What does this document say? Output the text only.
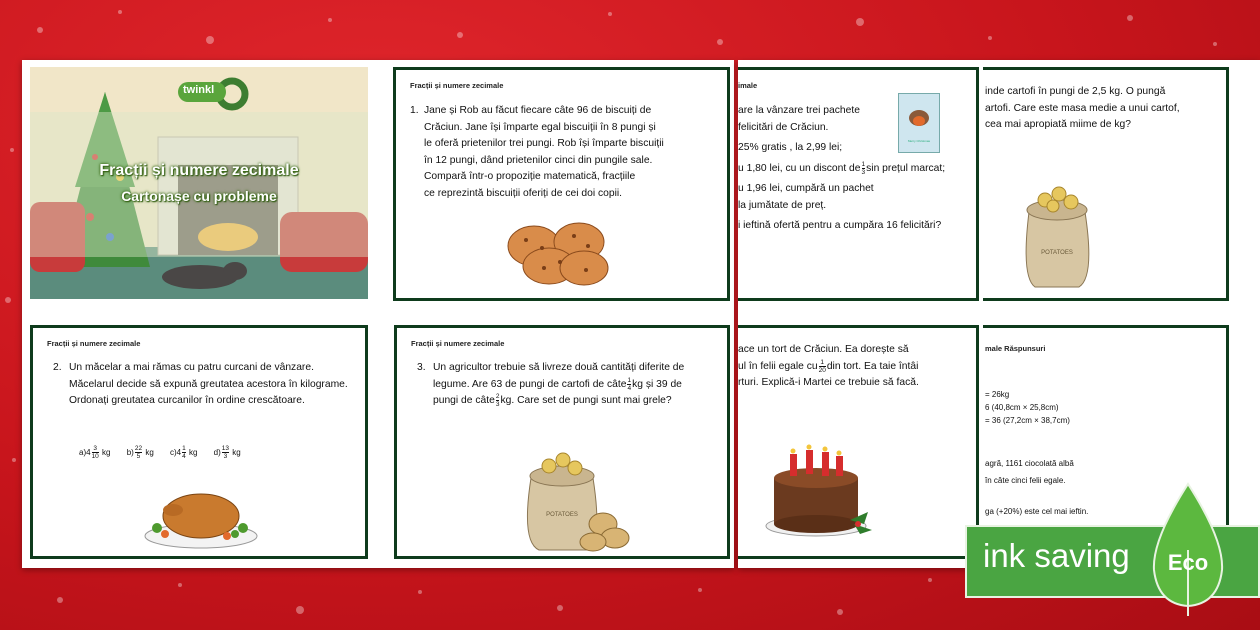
twinkl
Fracții și numere zecimale
Cartonașe cu probleme
Fracții și numere zecimale
1. Jane și Rob au făcut fiecare câte 96 de biscuiți de

Crăciun. Jane își împarte egal biscuiții în 8 pungi și

le oferă prietenilor trei pungi. Rob își împarte biscuiții

în 12 pungi, dând prietenilor cinci din pungile sale.

Compară într-o propoziție matematică, fracțiile

ce reprezintă biscuiții oferiți de cei doi copii.

imale

are la vânzare trei pachete

felicitări de Crăciun.

25% gratis , la 2,99 lei;

u 1,80 lei, cu un discont de $\frac{1}{3}$ sin prețul marcat;

u 1,96 lei, cumpără un pachet

la jumătate de preț.

i ieftină ofertă pentru a cumpăra 16 felicitări?

Merry Christmas

inde cartofi în pungi de 2,5 kg. O pungă

artofi. Care este masa medie a unui cartof,

cea mai apropiată miime de kg?

POTATOES
Fracții și numere zecimale
2. Un măcelar a mai rămas cu patru curcani de vânzare.

Măcelarul decide să expună greutatea acestora în kilograme.

Ordonați greutatea curcanilor în ordine crescătoare.

$a)4 \frac{3}{10}$ kg $b) \frac{22}{5}$ kg $c)4 \frac{1}{4}$ kg $d) \frac{13}{3}$ kg
Fracții și numere zecimale
3. Un agricultor trebuie să livreze două cantități diferite de

legume. Are 63 de pungi de cartofi de câte $\frac{1}{4}$ kg și 39 de

pungi de câte $\frac{2}{3}$ kg. Care set de pungi sunt mai grele?

POTATOES

ace un tort de Crăciun. Ea dorește să

ul în felii egale cu $\frac{1}{20}$ din tort. Ea taie întâi

rturi. Explică-i Martei ce trebuie să facă.

male Răspunsuri

= 26kg

6 (40,8cm × 25,8cm)

= 36 (27,2cm × 38,7cm)

agră, 1161 ciocolată albă

în câte cinci felii egale.

ga (+20%) este cel mai ieftin.

ink saving Eco
